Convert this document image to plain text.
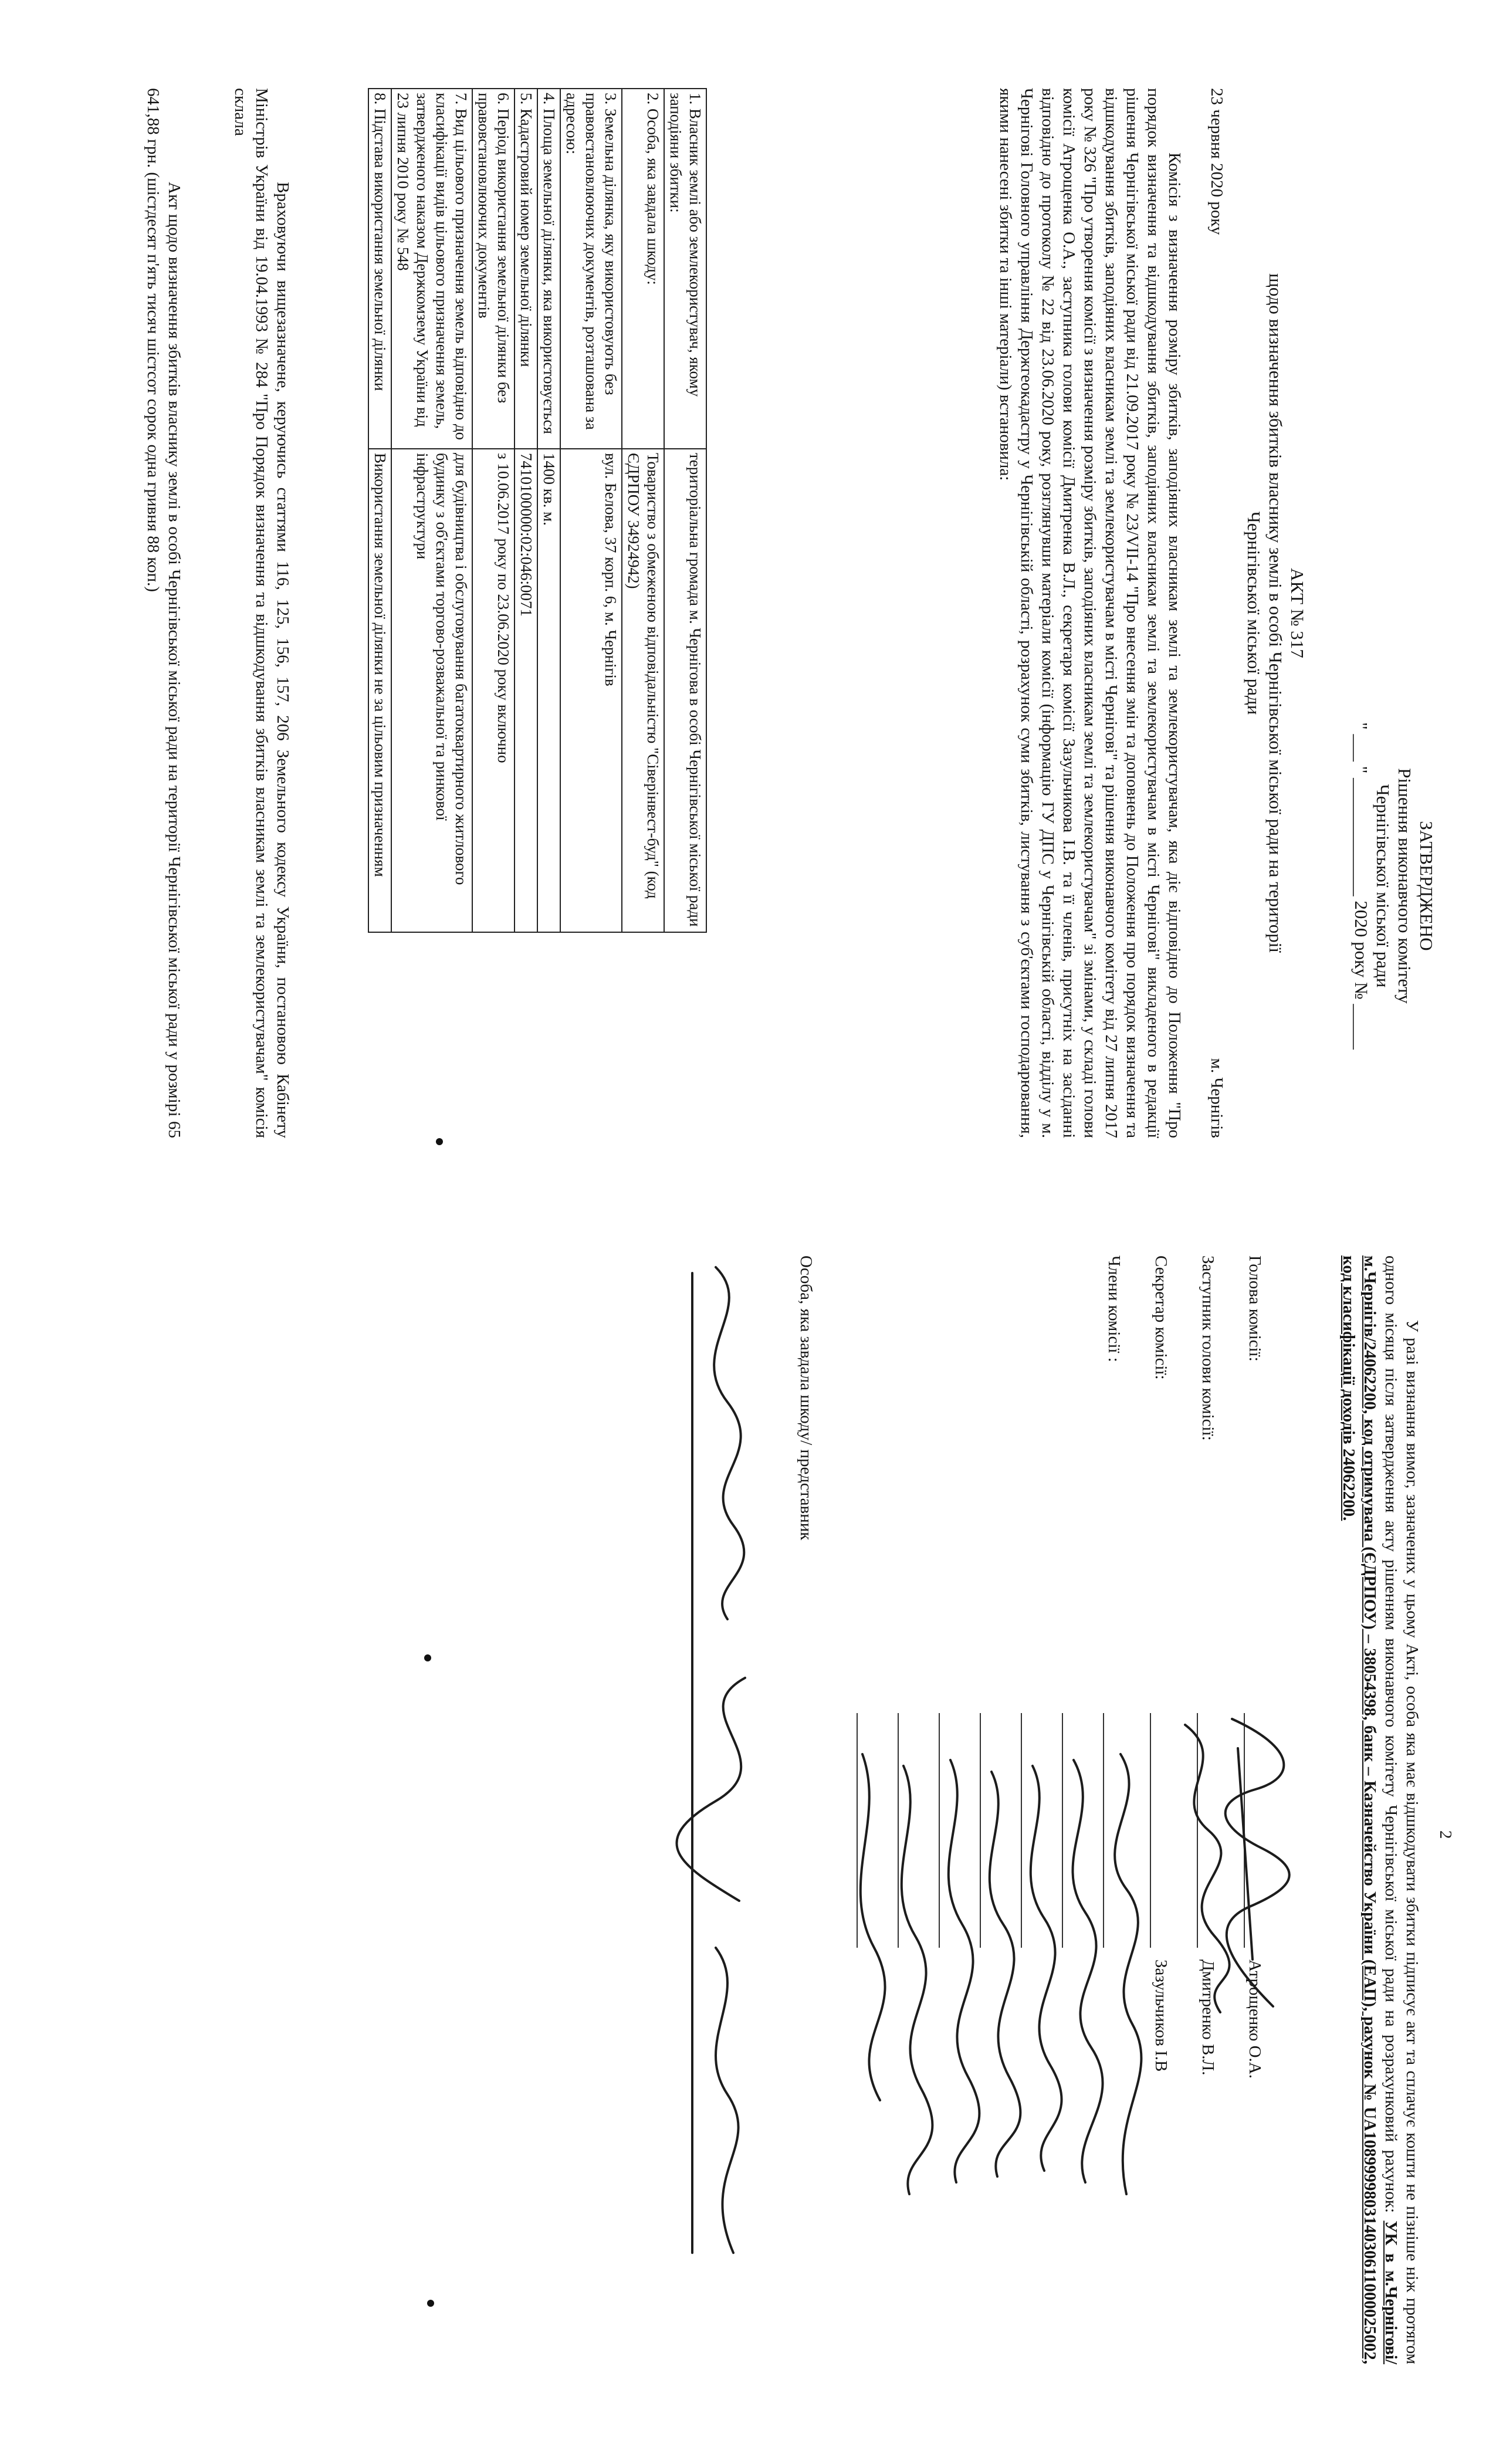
ЗАТВЕРДЖЕНО
Рішення виконавчого комітету
Чернігівської міської ради
" ___ " _____________ 2020 року № _____
АКТ № 317
щодо визначення збитків власнику землі в особі Чернігівської міської ради на території
Чернігівської міської ради
23 червня 2020 року
м. Чернігів

Комісія з визначення розміру збитків, заподіяних власникам землі та землекористувачам, яка діє відповідно до Положення "Про порядок визначення та відшкодування збитків, заподіяних власникам землі та землекористувачам в місті Чернігові" викладеного в редакції рішення Чернігівської міської ради від 21.09.2017 року № 23/VII-14 "Про внесення змін та доповнень до Положення про порядок визначення та відшкодування збитків, заподіяних власникам землі та землекористувачам в місті Чернігові" та рішення виконавчого комітету від 27 липня 2017 року № 326 "Про утворення комісії з визначення розміру збитків, заподіяних власникам землі та землекористувачам" зі змінами, у складі голови комісії Атрощенка О.А., заступника голови комісії Дмитренка В.Л., секретаря комісії Зазульчикова І.В. та її членів, присутніх на засіданні відповідно до протоколу № 22 від 23.06.2020 року, розглянувши матеріали комісії (інформацію ГУ ДПС у Чернігівській області, відділу у м. Чернігові Головного управління Держгеокадастру у Чернігівській області, розрахунок суми збитків, листування з суб'єктами господарювання, якими нанесені збитки та інші матеріали) встановила:

1. Власник землі або землекористувач, якому заподіяни збитки:	територіальна громада м. Чернігова в особі Чернігівської міської ради
2. Особа, яка завдала шкоду:	Товариство з обмеженою відповідальністю "Сіверінвест-буд" (код ЄДРПОУ 34924942)
3. Земельна ділянка, яку використовують без правовстановлюючих документів, розташована за адресою:	вул. Белова, 37 корп. 6, м. Чернігів
4. Площа земельної ділянки, яка використовується	1400 кв. м.
5. Кадастровий номер земельної ділянки	7410100000:02:046:0071
6. Період використання земельної ділянки без правовстановлюючих документів	з 10.06.2017 року по 23.06.2020 року включно
7. Вид цільового призначення земель відповідно до класифікації видів цільового призначення земель, затвердженого наказом Держкомзему України від 23 липня 2010 року № 548	для будівництва і обслуговування багатоквартирного житлового будинку з об'єктами торгово-розважальної та ринкової інфраструктури
8. Підстава використання земельної ділянки	Використання земельної ділянки не за цільовим призначенням

Враховуючи вищезазначене, керуючись статтями 116, 125, 156, 157, 206 Земельного кодексу України, постановою Кабінету Міністрів України від 19.04.1993 № 284 "Про Порядок визначення та відшкодування збитків власникам землі та землекористувачам" комісія склала

Акт щодо визначення збитків власнику землі в особі Чернігівської міської ради на території Чернігівської міської ради у розмірі 65 641,88 грн. (шістдесят п'ять тисяч шістсот сорок одна гривня 88 коп.)

2

У разі визнання вимог, зазначених у цьому Акті, особа яка має відшкодувати збитки підписує акт та сплачує кошти не пізніше ніж протягом одного місяця після затвердження акту рішенням виконавчого комітету Чернігівської міської ради на розрахунковий рахунок: УК в м.Чернігові/м.Чернігів/24062200, код отримувача (ЄДРПОУ) – 38054398, банк – Казначейство України (ЕАП), рахунок № UA108999980314030611000025002, код класифікації доходів 24062200.

Голова комісії:
Атрощенко О.А.
Заступник голови комісії:
Дмитренко В.Л.
Секретар комісії:
Зазульчиков І.В
Члени комісії :
Особа, яка завдала шкоду/ представник
